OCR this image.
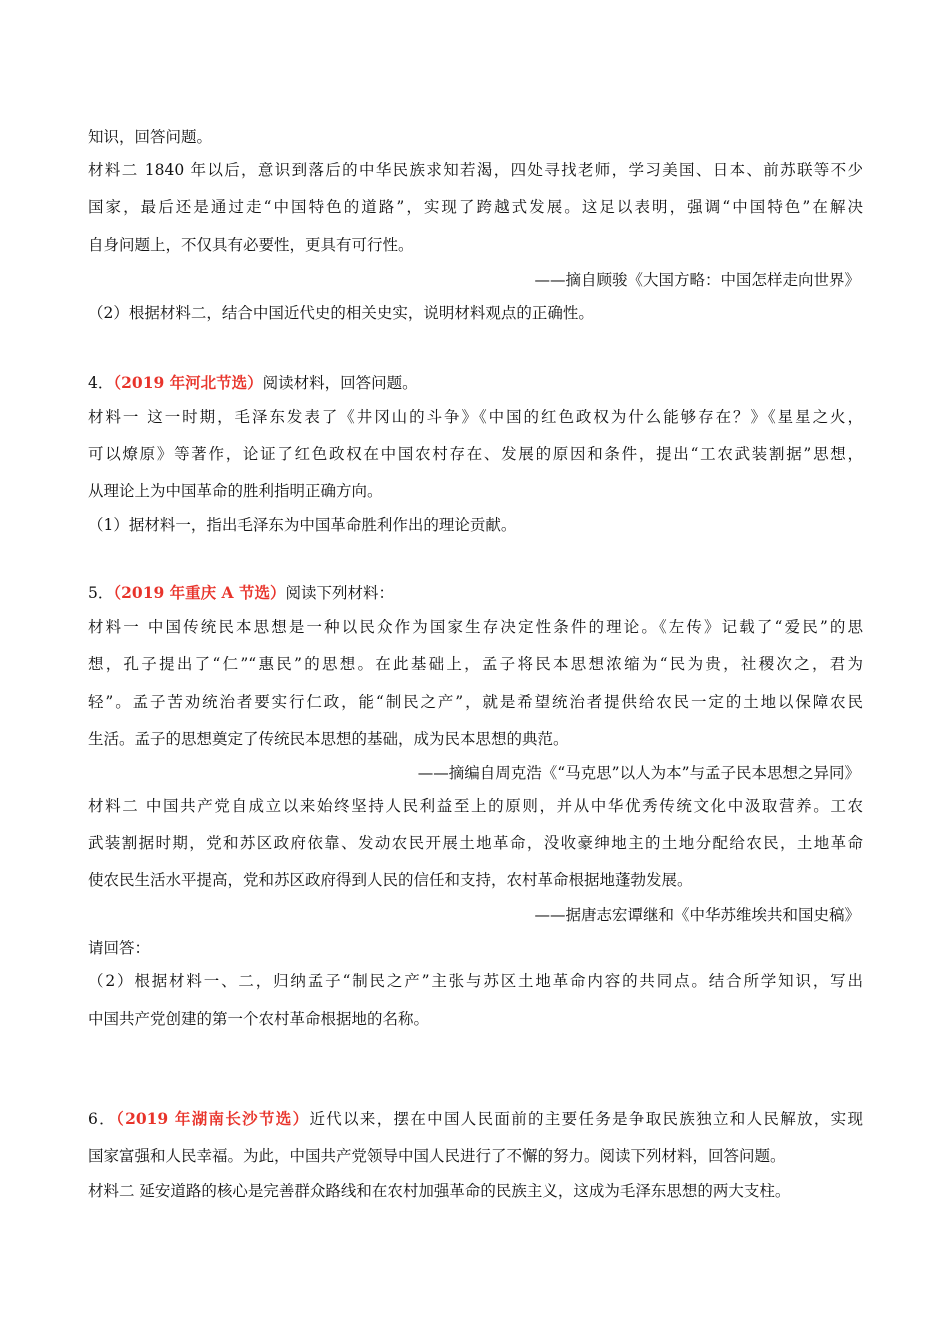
知识，回答问题。
材料二 1840 年以后，意识到落后的中华民族求知若渴，四处寻找老师，学习美国、日本、前苏联等不少
国家，最后还是通过走“中国特色的道路”，实现了跨越式发展。这足以表明，强调“中国特色”在解决
自身问题上，不仅具有必要性，更具有可行性。
——摘自顾骏《大国方略：中国怎样走向世界》
（2）根据材料二，结合中国近代史的相关史实，说明材料观点的正确性。
4．（2019 年河北节选）阅读材料，回答问题。
材料一 这一时期，毛泽东发表了《井冈山的斗争》《中国的红色政权为什么能够存在？》《星星之火，
可以燎原》等著作，论证了红色政权在中国农村存在、发展的原因和条件，提出“工农武装割据”思想，
从理论上为中国革命的胜利指明正确方向。
（1）据材料一，指出毛泽东为中国革命胜利作出的理论贡献。
5．（2019 年重庆 A 节选）阅读下列材料：
材料一 中国传统民本思想是一种以民众作为国家生存决定性条件的理论。《左传》记载了“爱民”的思
想，孔子提出了“仁”“惠民”的思想。在此基础上，孟子将民本思想浓缩为“民为贵，社稷次之，君为
轻”。孟子苦劝统治者要实行仁政，能“制民之产”，就是希望统治者提供给农民一定的土地以保障农民
生活。孟子的思想奠定了传统民本思想的基础，成为民本思想的典范。
——摘编自周克浩《“马克思”以人为本”与孟子民本思想之异同》
材料二 中国共产党自成立以来始终坚持人民利益至上的原则，并从中华优秀传统文化中汲取营养。工农
武装割据时期，党和苏区政府依靠、发动农民开展土地革命，没收豪绅地主的土地分配给农民，土地革命
使农民生活水平提高，党和苏区政府得到人民的信任和支持，农村革命根据地蓬勃发展。
——据唐志宏谭继和《中华苏维埃共和国史稿》
请回答：
（2）根据材料一、二，归纳孟子“制民之产”主张与苏区土地革命内容的共同点。结合所学知识，写出
中国共产党创建的第一个农村革命根据地的名称。
6．（2019 年湖南长沙节选）近代以来，摆在中国人民面前的主要任务是争取民族独立和人民解放，实现
国家富强和人民幸福。为此，中国共产党领导中国人民进行了不懈的努力。阅读下列材料，回答问题。
材料二 延安道路的核心是完善群众路线和在农村加强革命的民族主义，这成为毛泽东思想的两大支柱。
